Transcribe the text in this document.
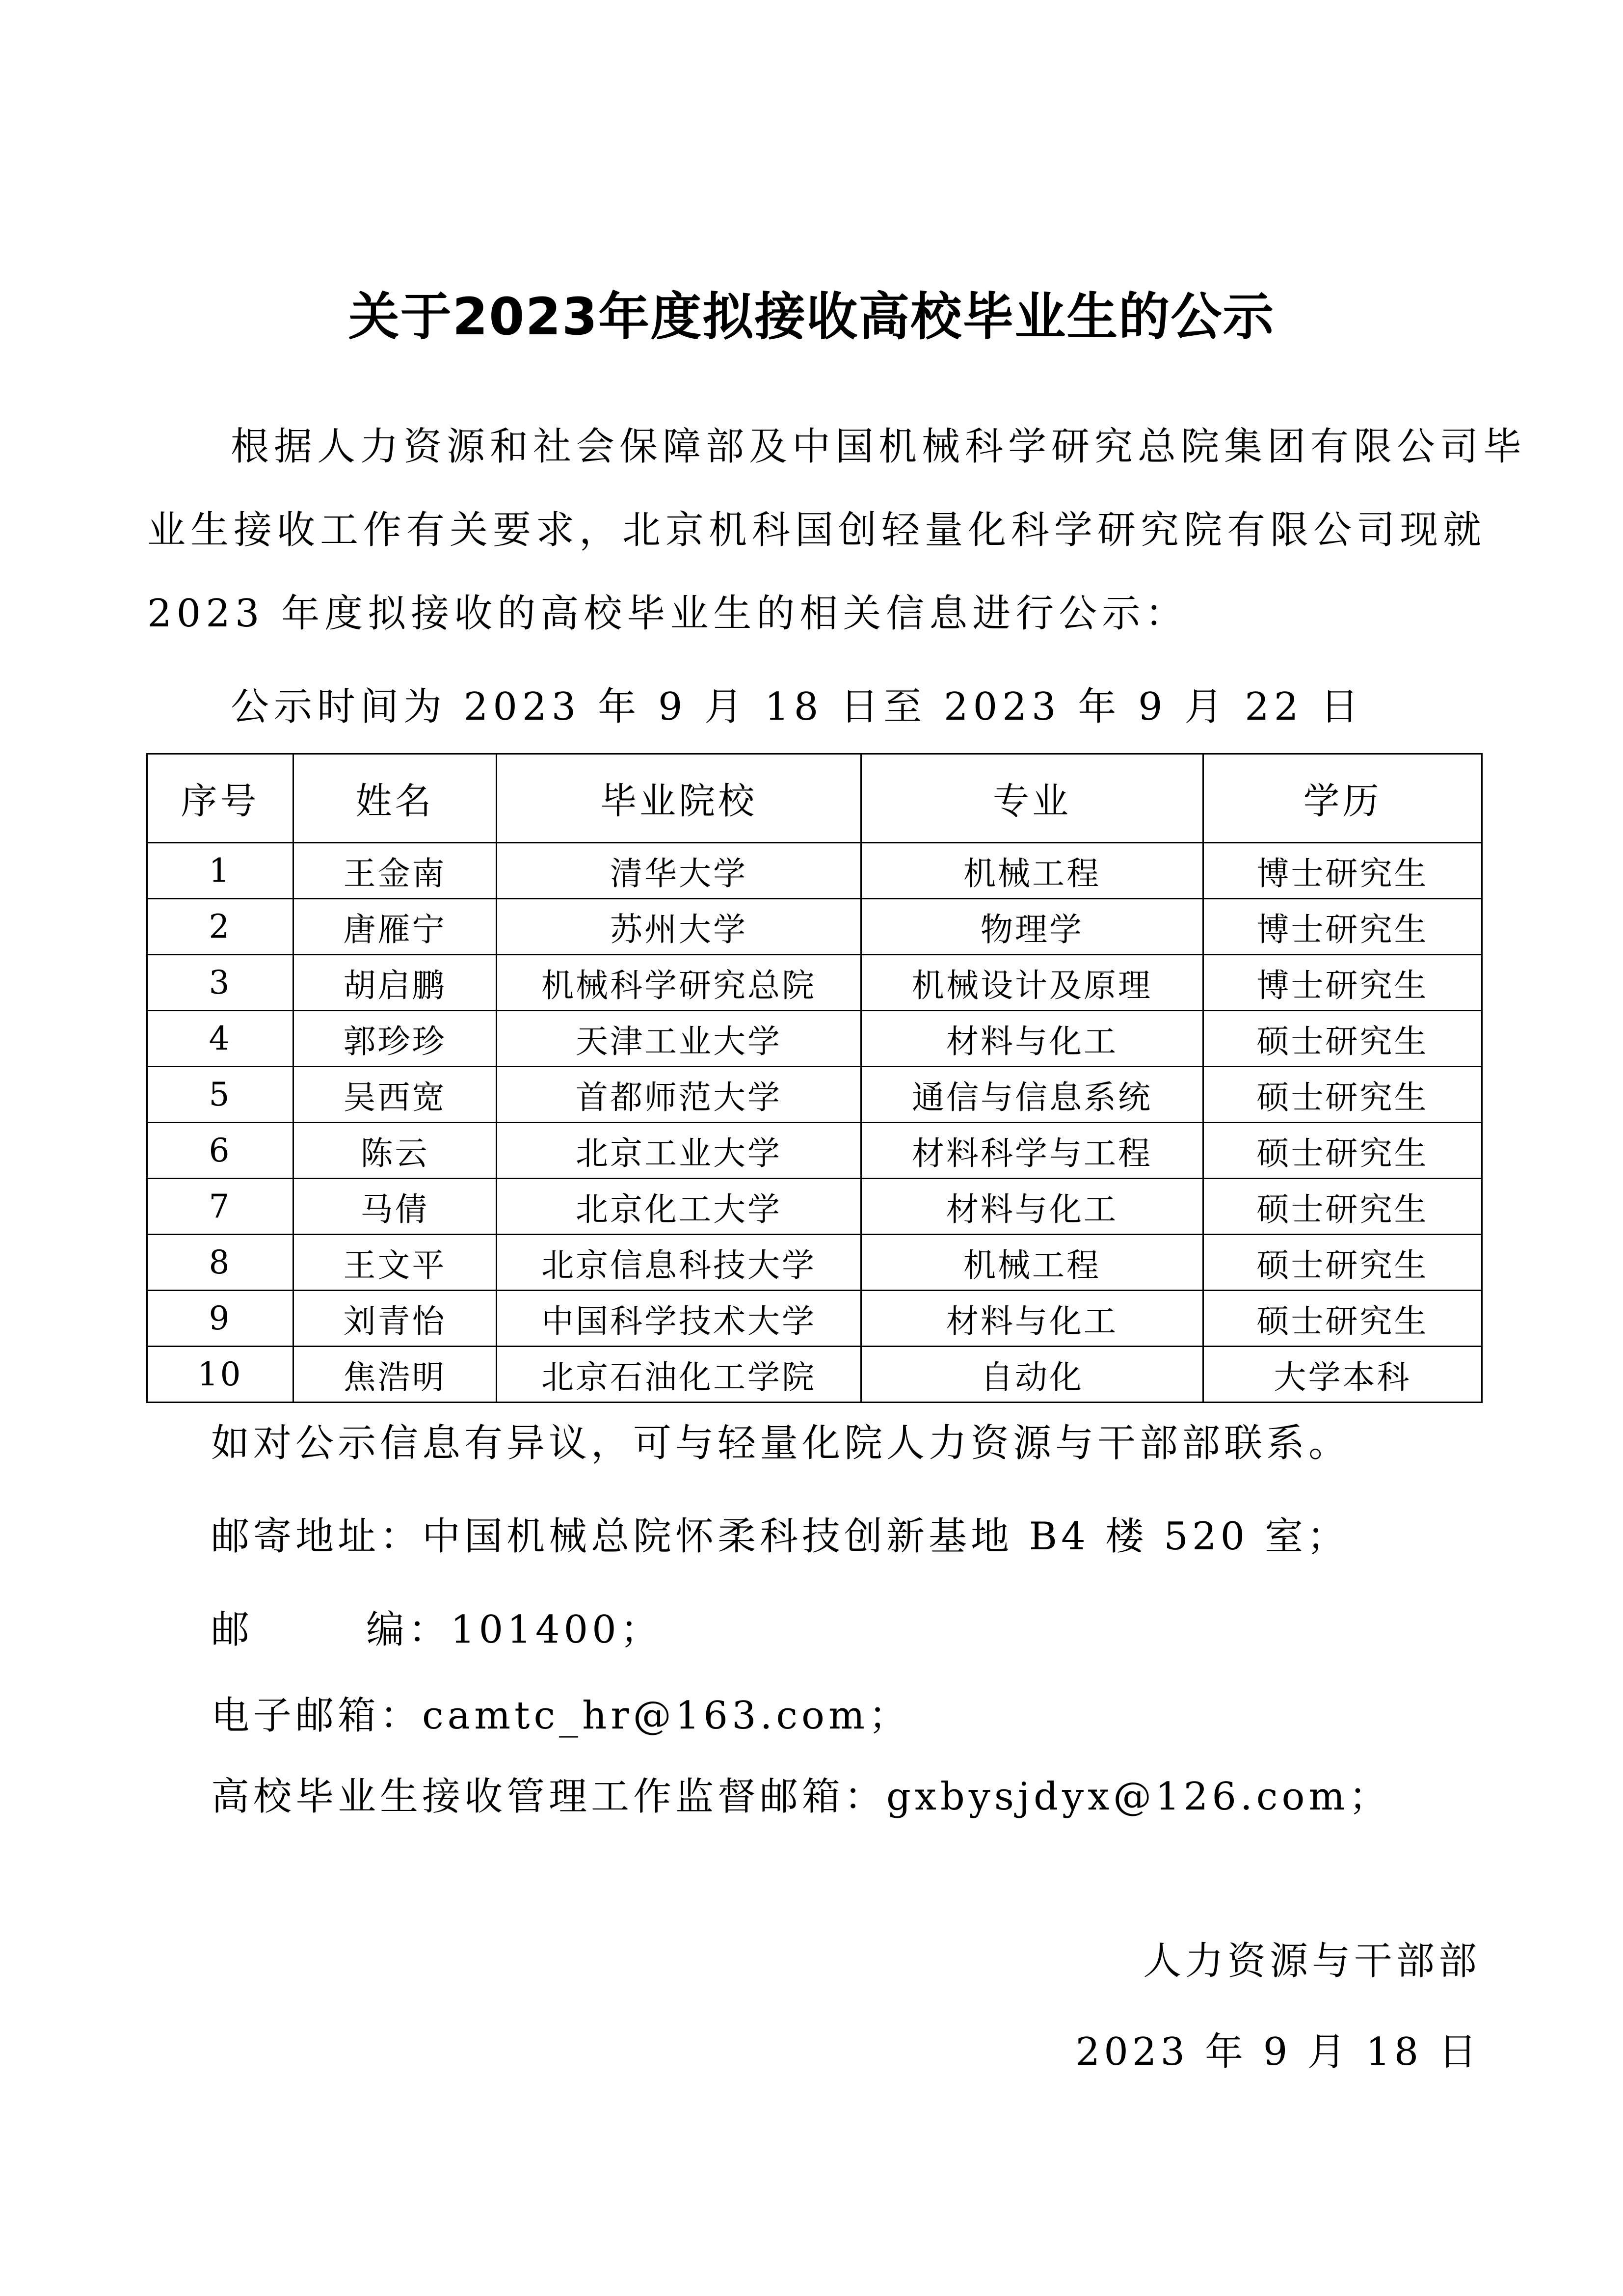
关于2023年度拟接收高校毕业生的公示
根据人力资源和社会保障部及中国机械科学研究总院集团有限公司毕
业生接收工作有关要求，北京机科国创轻量化科学研究院有限公司现就
2023 年度拟接收的高校毕业生的相关信息进行公示：
公示时间为 2023 年 9 月 18 日至 2023 年 9 月 22 日
序号	姓名	毕业院校	专业	学历
1	王金南	清华大学	机械工程	博士研究生
2	唐雁宁	苏州大学	物理学	博士研究生
3	胡启鹏	机械科学研究总院	机械设计及原理	博士研究生
4	郭珍珍	天津工业大学	材料与化工	硕士研究生
5	吴西宽	首都师范大学	通信与信息系统	硕士研究生
6	陈云	北京工业大学	材料科学与工程	硕士研究生
7	马倩	北京化工大学	材料与化工	硕士研究生
8	王文平	北京信息科技大学	机械工程	硕士研究生
9	刘青怡	中国科学技术大学	材料与化工	硕士研究生
10	焦浩明	北京石油化工学院	自动化	大学本科
如对公示信息有异议，可与轻量化院人力资源与干部部联系。
邮寄地址：中国机械总院怀柔科技创新基地 B4 楼 520 室；
邮	编：101400；
电子邮箱：camtc_hr@163.com；
高校毕业生接收管理工作监督邮箱：gxbysjdyx@126.com；
人力资源与干部部
2023 年 9 月 18 日
